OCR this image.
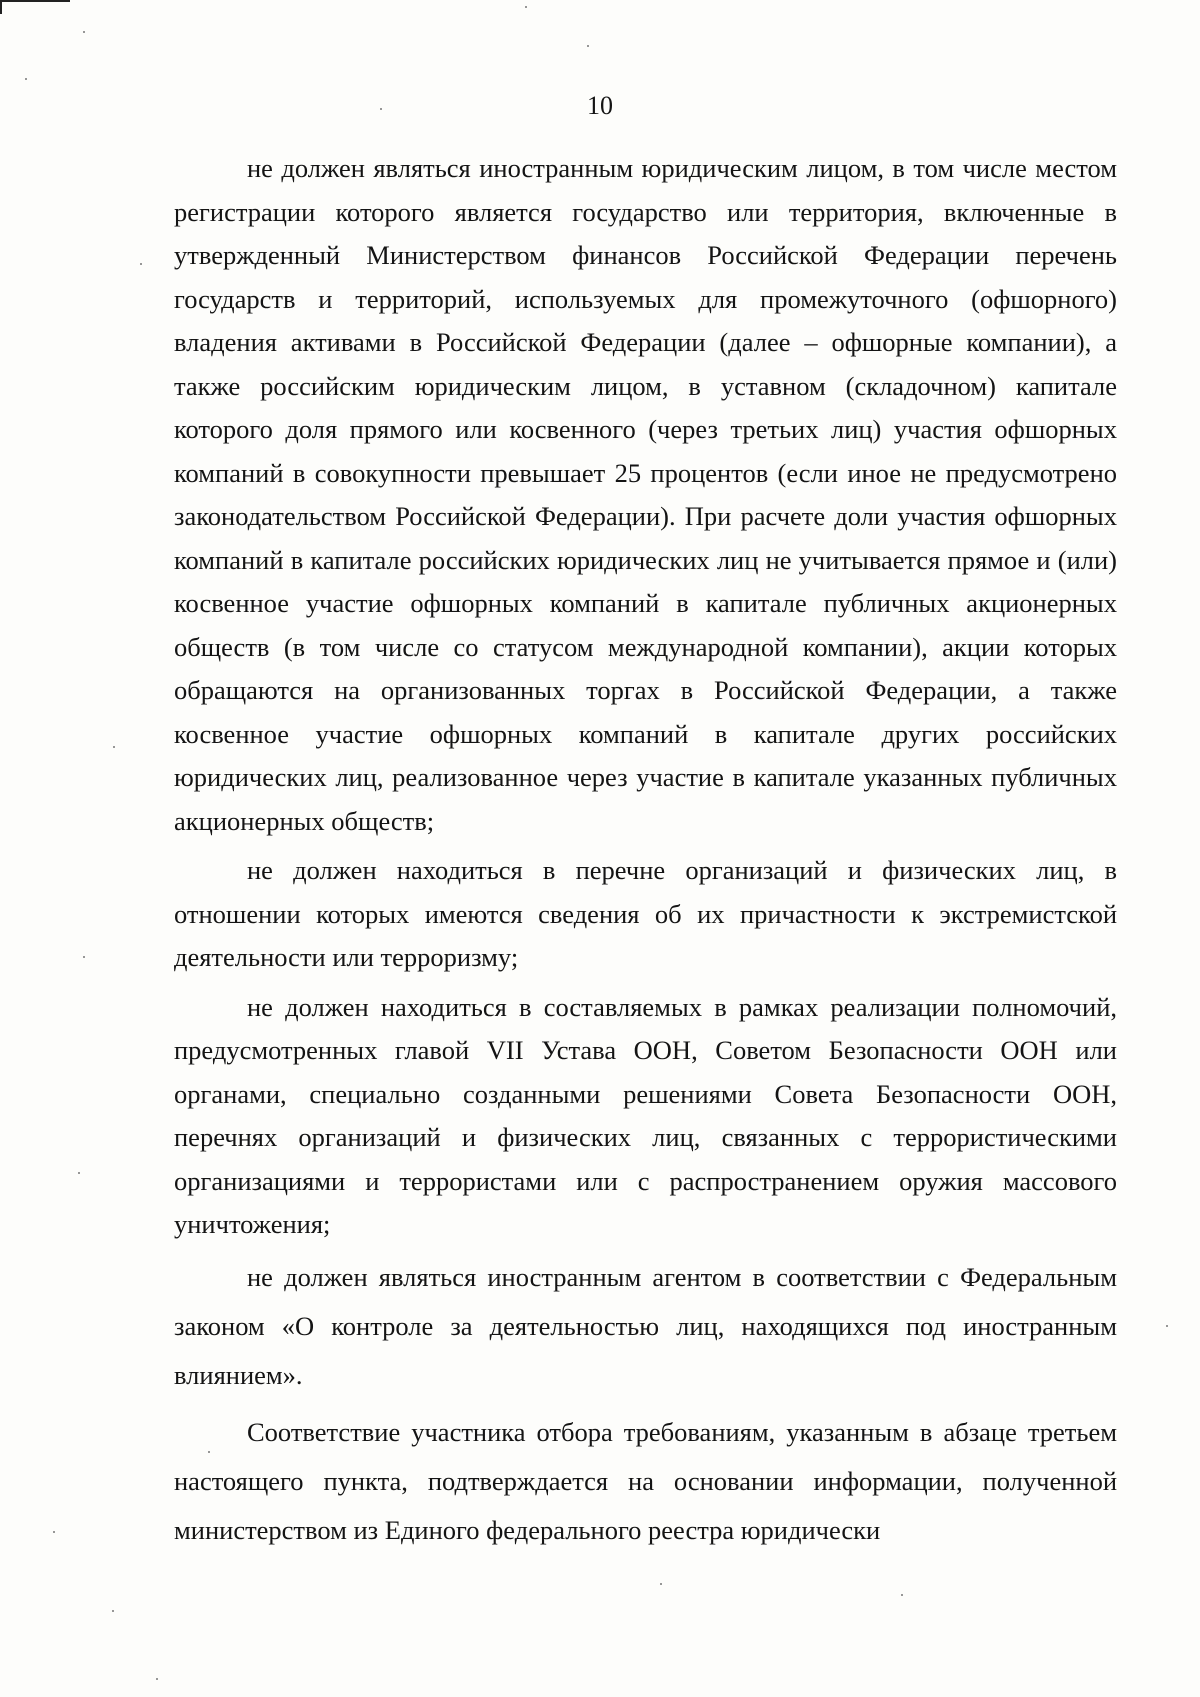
10

не должен являться иностранным юридическим лицом, в том числе местом регистрации которого является государство или территория, включенные в утвержденный Министерством финансов Российской Федерации перечень государств и территорий, используемых для промежуточного (офшорного) владения активами в Российской Федерации (далее – офшорные компании), а также российским юридическим лицом, в уставном (складочном) капитале которого доля прямого или косвенного (через третьих лиц) участия офшорных компаний в совокупности превышает 25 процентов (если иное не предусмотрено законодательством Российской Федерации). При расчете доли участия офшорных компаний в капитале российских юридических лиц не учитывается прямое и (или) косвенное участие офшорных компаний в капитале публичных акционерных обществ (в том числе со статусом международной компании), акции которых обращаются на организованных торгах в Российской Федерации, а также косвенное участие офшорных компаний в капитале других российских юридических лиц, реализованное через участие в капитале указанных публичных акционерных обществ;

не должен находиться в перечне организаций и физических лиц, в отношении которых имеются сведения об их причастности к экстремистской деятельности или терроризму;

не должен находиться в составляемых в рамках реализации полномочий, предусмотренных главой VII Устава ООН, Советом Безопасности ООН или органами, специально созданными решениями Совета Безопасности ООН, перечнях организаций и физических лиц, связанных с террористическими организациями и террористами или с распространением оружия массового уничтожения;

не должен являться иностранным агентом в соответствии с Федеральным законом «О контроле за деятельностью лиц, находящихся под иностранным влиянием».

Соответствие участника отбора требованиям, указанным в абзаце третьем настоящего пункта, подтверждается на основании информации, полученной министерством из Единого федерального реестра юридически
